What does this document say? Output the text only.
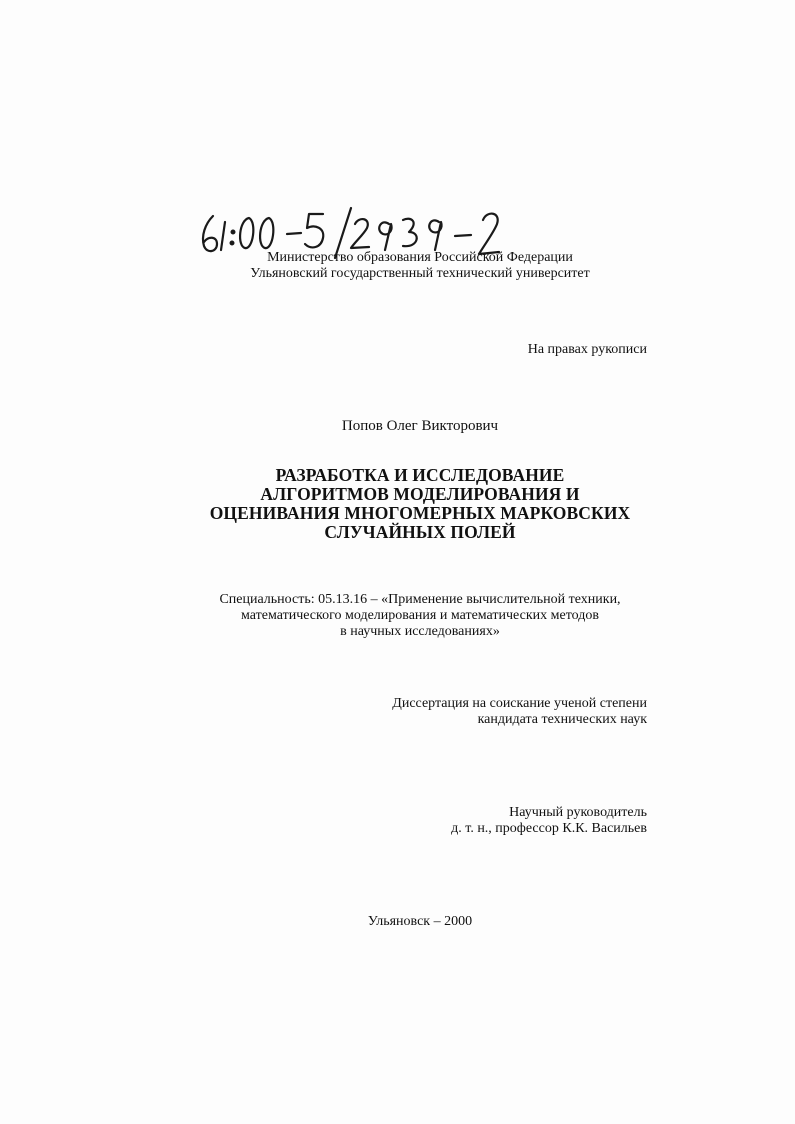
Министерство образования Российской Федерации
Ульяновский государственный технический университет
На правах рукописи
Попов Олег Викторович
РАЗРАБОТКА И ИССЛЕДОВАНИЕ
АЛГОРИТМОВ МОДЕЛИРОВАНИЯ И
ОЦЕНИВАНИЯ МНОГОМЕРНЫХ МАРКОВСКИХ
СЛУЧАЙНЫХ ПОЛЕЙ
Специальность: 05.13.16 – «Применение вычислительной техники,
математического моделирования и математических методов
в научных исследованиях»
Диссертация на соискание ученой степени
кандидата технических наук
Научный руководитель
д. т. н., профессор К.К. Васильев
Ульяновск – 2000
